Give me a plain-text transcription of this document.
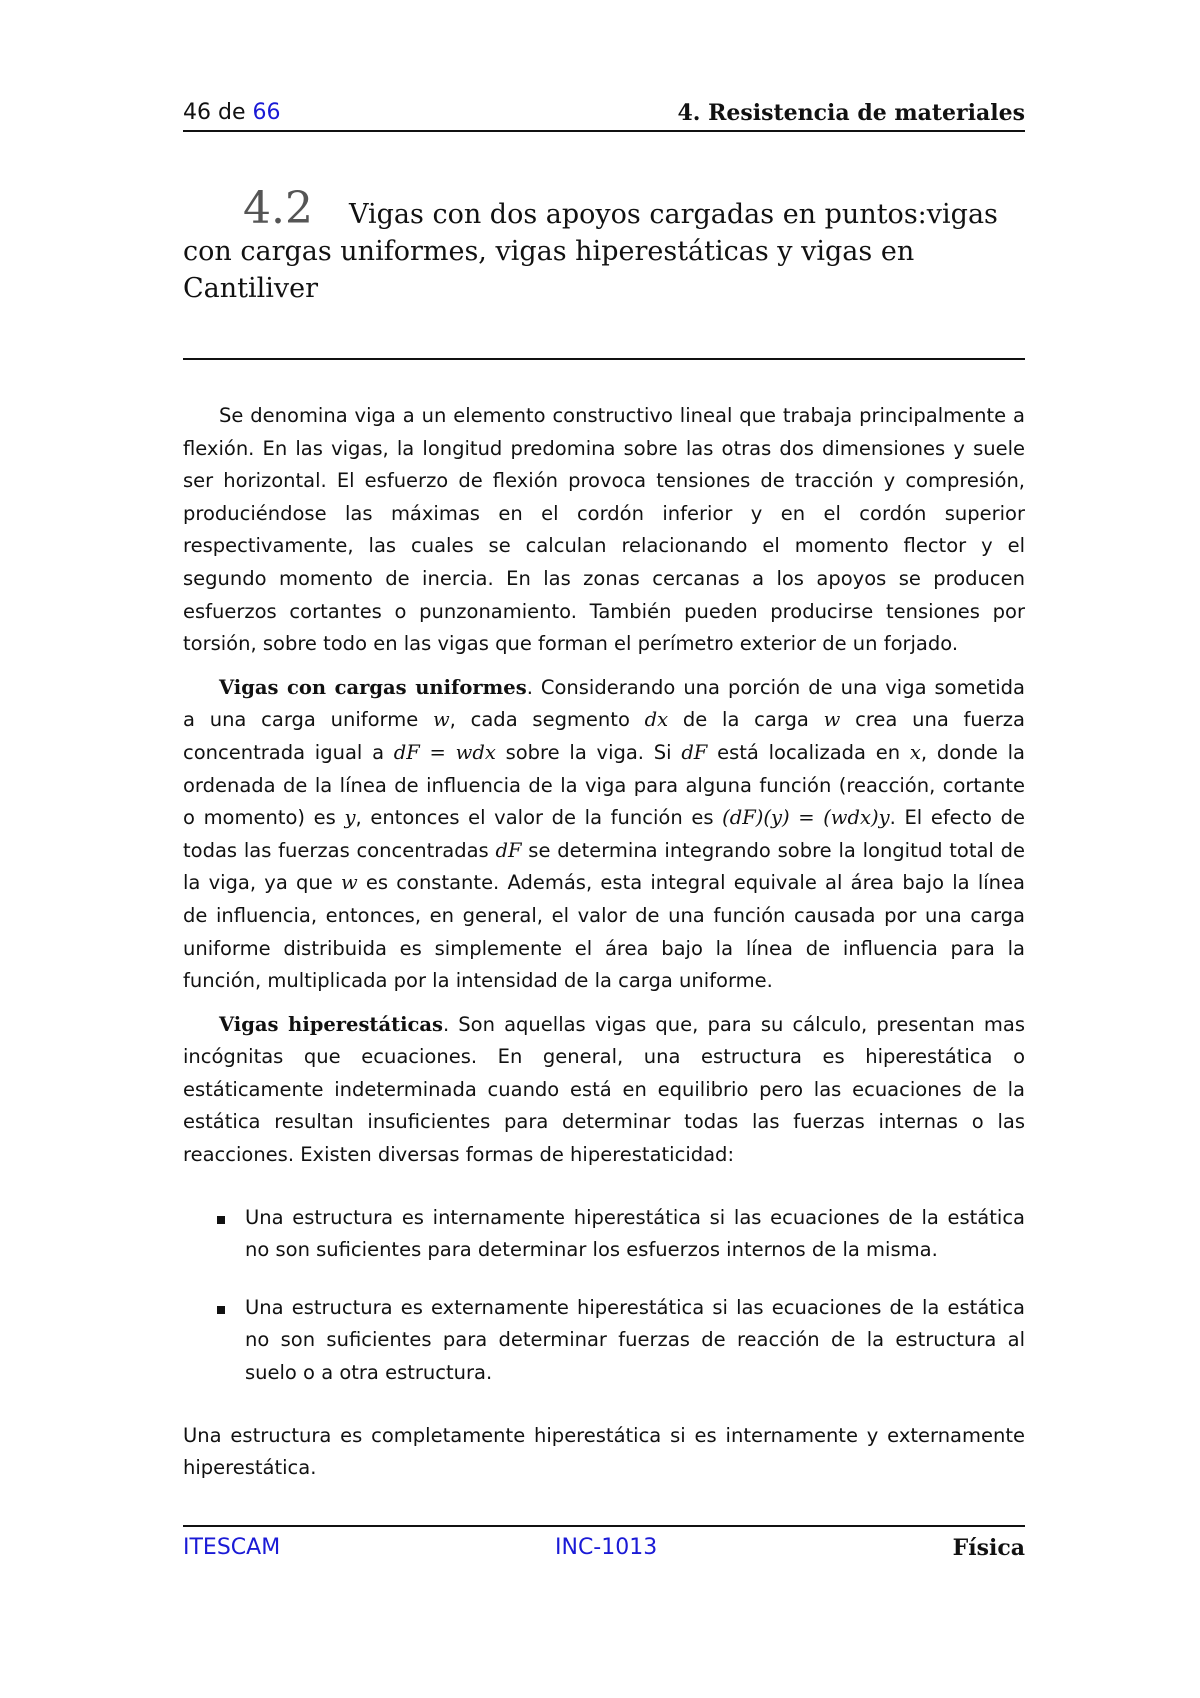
46 de 66	4. Resistencia de materiales
4.2 Vigas con dos apoyos cargadas en puntos:vigas con cargas uniformes, vigas hiperestáticas y vigas en Cantiliver

Se denomina viga a un elemento constructivo lineal que trabaja principalmente a flexión. En las vigas, la longitud predomina sobre las otras dos dimensiones y suele ser horizontal. El esfuerzo de flexión provoca tensiones de tracción y compresión, produciéndose las máximas en el cordón inferior y en el cordón superior respectivamente, las cuales se calculan relacionando el momento flector y el segundo momento de inercia. En las zonas cercanas a los apoyos se producen esfuerzos cortantes o punzonamiento. También pueden producirse tensiones por torsión, sobre todo en las vigas que forman el perímetro exterior de un forjado.

Vigas con cargas uniformes. Considerando una porción de una viga sometida a una carga uniforme w, cada segmento dx de la carga w crea una fuerza concentrada igual a dF = wdx sobre la viga. Si dF está localizada en x, donde la ordenada de la línea de influencia de la viga para alguna función (reacción, cortante o momento) es y, entonces el valor de la función es (dF)(y) = (wdx)y. El efecto de todas las fuerzas concentradas dF se determina integrando sobre la longitud total de la viga, ya que w es constante. Además, esta integral equivale al área bajo la línea de influencia, entonces, en general, el valor de una función causada por una carga uniforme distribuida es simplemente el área bajo la línea de influencia para la función, multiplicada por la intensidad de la carga uniforme.

Vigas hiperestáticas. Son aquellas vigas que, para su cálculo, presentan mas incógnitas que ecuaciones. En general, una estructura es hiperestática o estáticamente indeterminada cuando está en equilibrio pero las ecuaciones de la estática resultan insuficientes para determinar todas las fuerzas internas o las reacciones. Existen diversas formas de hiperestaticidad:

Una estructura es internamente hiperestática si las ecuaciones de la estática no son suficientes para determinar los esfuerzos internos de la misma.
Una estructura es externamente hiperestática si las ecuaciones de la estática no son suficientes para determinar fuerzas de reacción de la estructura al suelo o a otra estructura.

Una estructura es completamente hiperestática si es internamente y externamente hiperestática.

ITESCAM	INC-1013	Física
